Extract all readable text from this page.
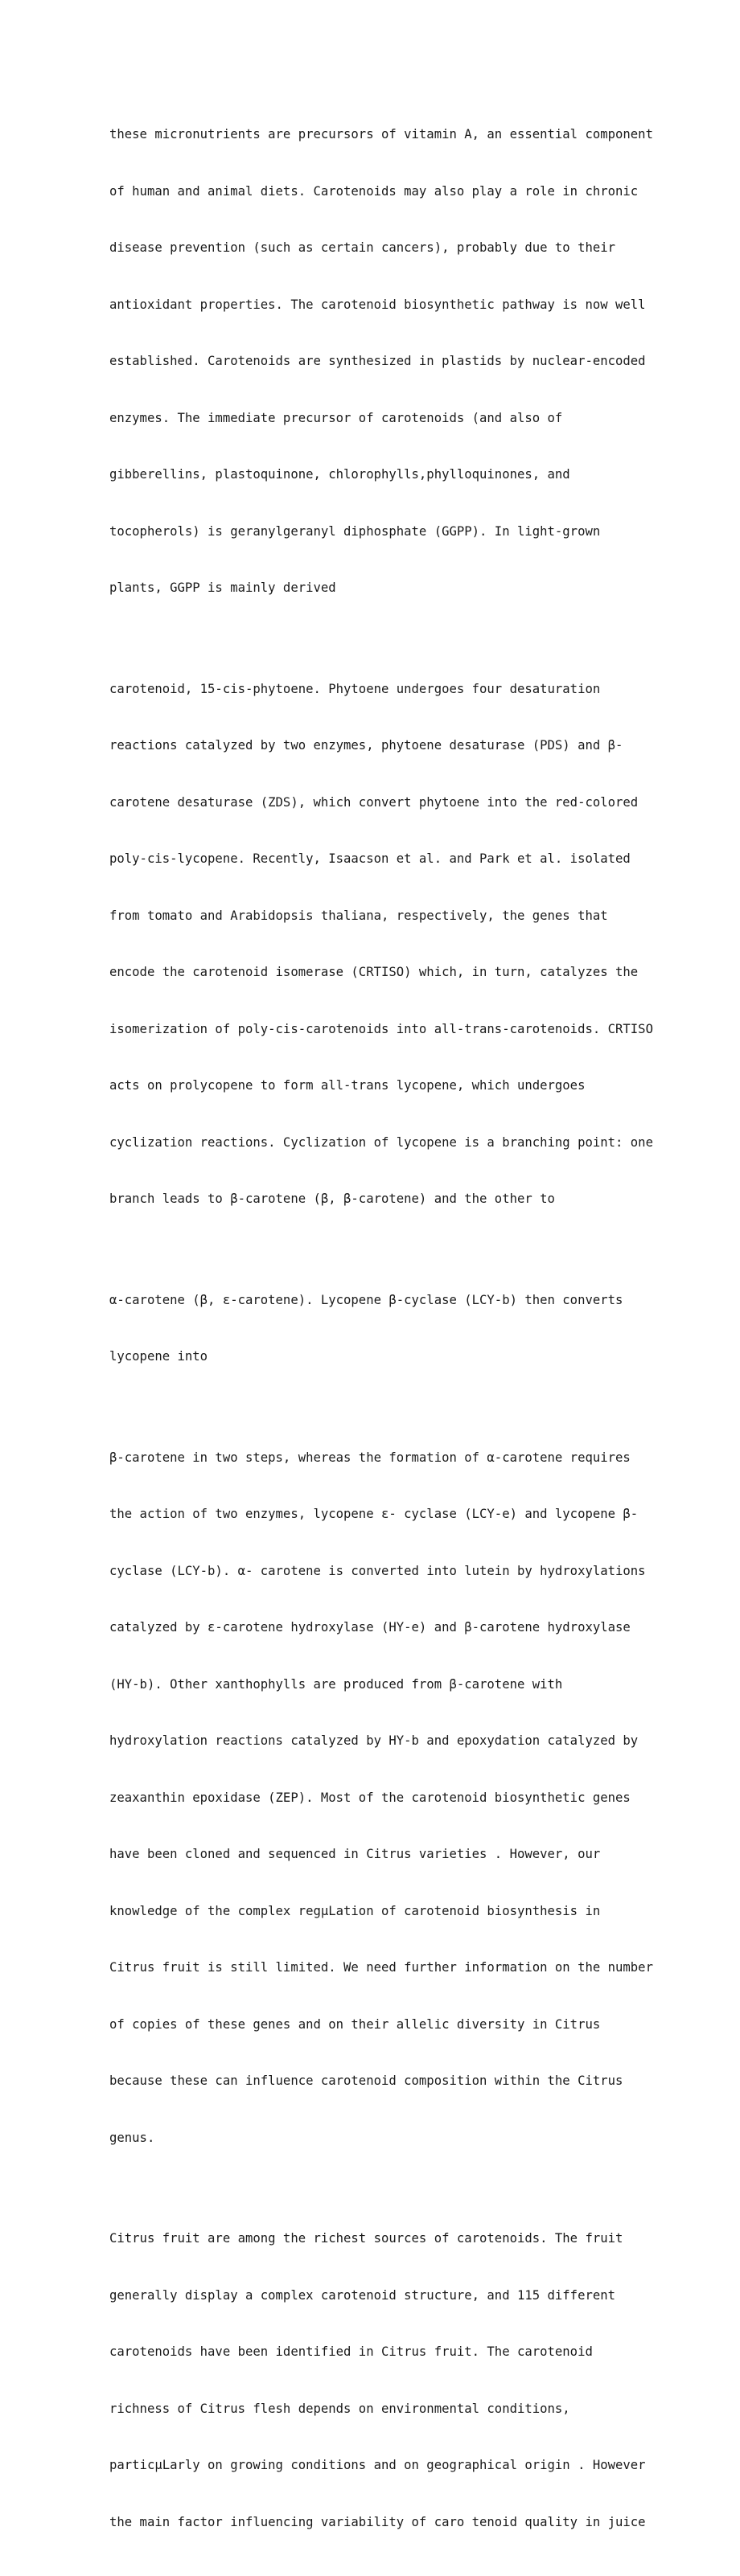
these micronutrients are precursors of vitamin A, an essential component

of human and animal diets. Carotenoids may also play a role in chronic

disease prevention (such as certain cancers), probably due to their

antioxidant properties. The carotenoid biosynthetic pathway is now well

established. Carotenoids are synthesized in plastids by nuclear-encoded

enzymes. The immediate precursor of carotenoids (and also of

gibberellins, plastoquinone, chlorophylls,phylloquinones, and

tocopherols) is geranylgeranyl diphosphate (GGPP). In light-grown

plants, GGPP is mainly derived

carotenoid, 15-cis-phytoene. Phytoene undergoes four desaturation

reactions catalyzed by two enzymes, phytoene desaturase (PDS) and β-

carotene desaturase (ZDS), which convert phytoene into the red-colored

poly-cis-lycopene. Recently, Isaacson et al. and Park et al. isolated

from tomato and Arabidopsis thaliana, respectively, the genes that

encode the carotenoid isomerase (CRTISO) which, in turn, catalyzes the

isomerization of poly-cis-carotenoids into all-trans-carotenoids. CRTISO

acts on prolycopene to form all-trans lycopene, which undergoes

cyclization reactions. Cyclization of lycopene is a branching point: one

branch leads to β-carotene (β, β-carotene) and the other to

α-carotene (β, ε-carotene). Lycopene β-cyclase (LCY-b) then converts

lycopene into

β-carotene in two steps, whereas the formation of α-carotene requires

the action of two enzymes, lycopene ε- cyclase (LCY-e) and lycopene β-

cyclase (LCY-b). α- carotene is converted into lutein by hydroxylations

catalyzed by ε-carotene hydroxylase (HY-e) and β-carotene hydroxylase

(HY-b). Other xanthophylls are produced from β-carotene with

hydroxylation reactions catalyzed by HY-b and epoxydation catalyzed by

zeaxanthin epoxidase (ZEP). Most of the carotenoid biosynthetic genes

have been cloned and sequenced in Citrus varieties . However, our

knowledge of the complex regμLation of carotenoid biosynthesis in

Citrus fruit is still limited. We need further information on the number

of copies of these genes and on their allelic diversity in Citrus

because these can influence carotenoid composition within the Citrus

genus.

Citrus fruit are among the richest sources of carotenoids. The fruit

generally display a complex carotenoid structure, and 115 different

carotenoids have been identified in Citrus fruit. The carotenoid

richness of Citrus flesh depends on environmental conditions,

particμLarly on growing conditions and on geographical origin . However

the main factor influencing variability of caro tenoid quality in juice
